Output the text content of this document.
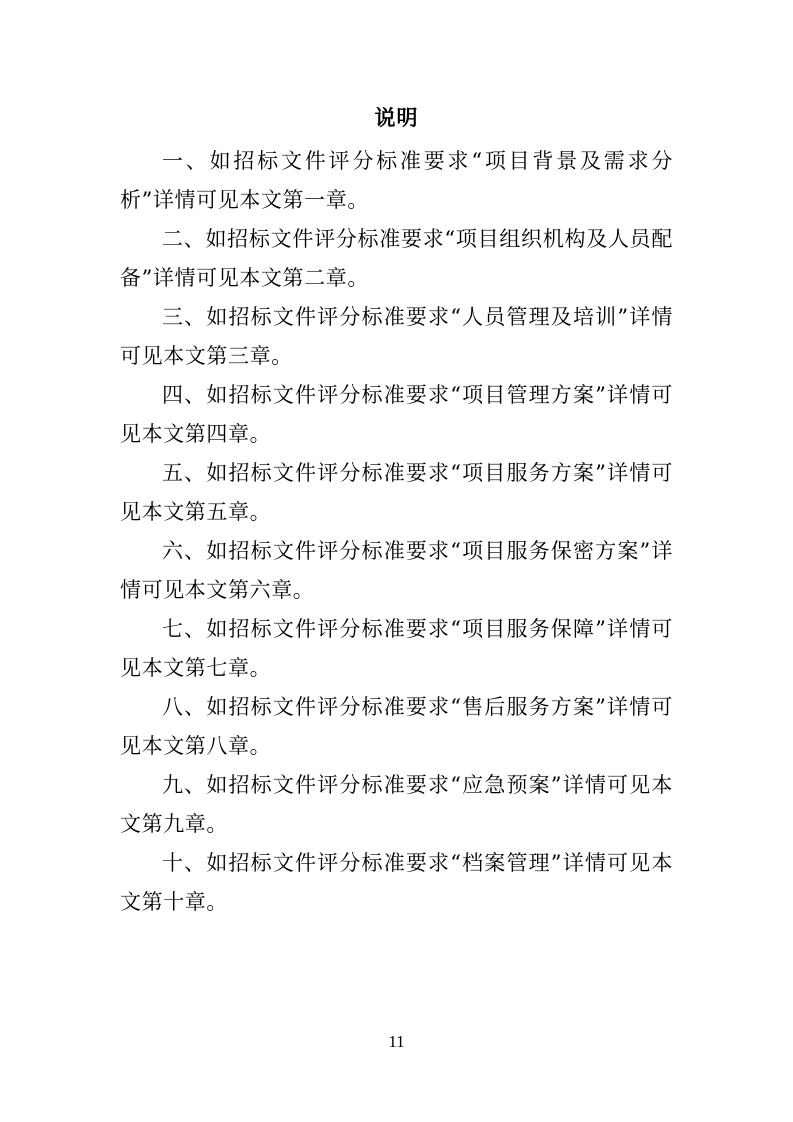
说明

一、如招标文件评分标准要求“项目背景及需求分析”详情可见本文第一章。

二、如招标文件评分标准要求“项目组织机构及人员配备”详情可见本文第二章。

三、如招标文件评分标准要求“人员管理及培训”详情可见本文第三章。

四、如招标文件评分标准要求“项目管理方案”详情可见本文第四章。

五、如招标文件评分标准要求“项目服务方案”详情可见本文第五章。

六、如招标文件评分标准要求“项目服务保密方案”详情可见本文第六章。

七、如招标文件评分标准要求“项目服务保障”详情可见本文第七章。

八、如招标文件评分标准要求“售后服务方案”详情可见本文第八章。

九、如招标文件评分标准要求“应急预案”详情可见本文第九章。

十、如招标文件评分标准要求“档案管理”详情可见本文第十章。

11
